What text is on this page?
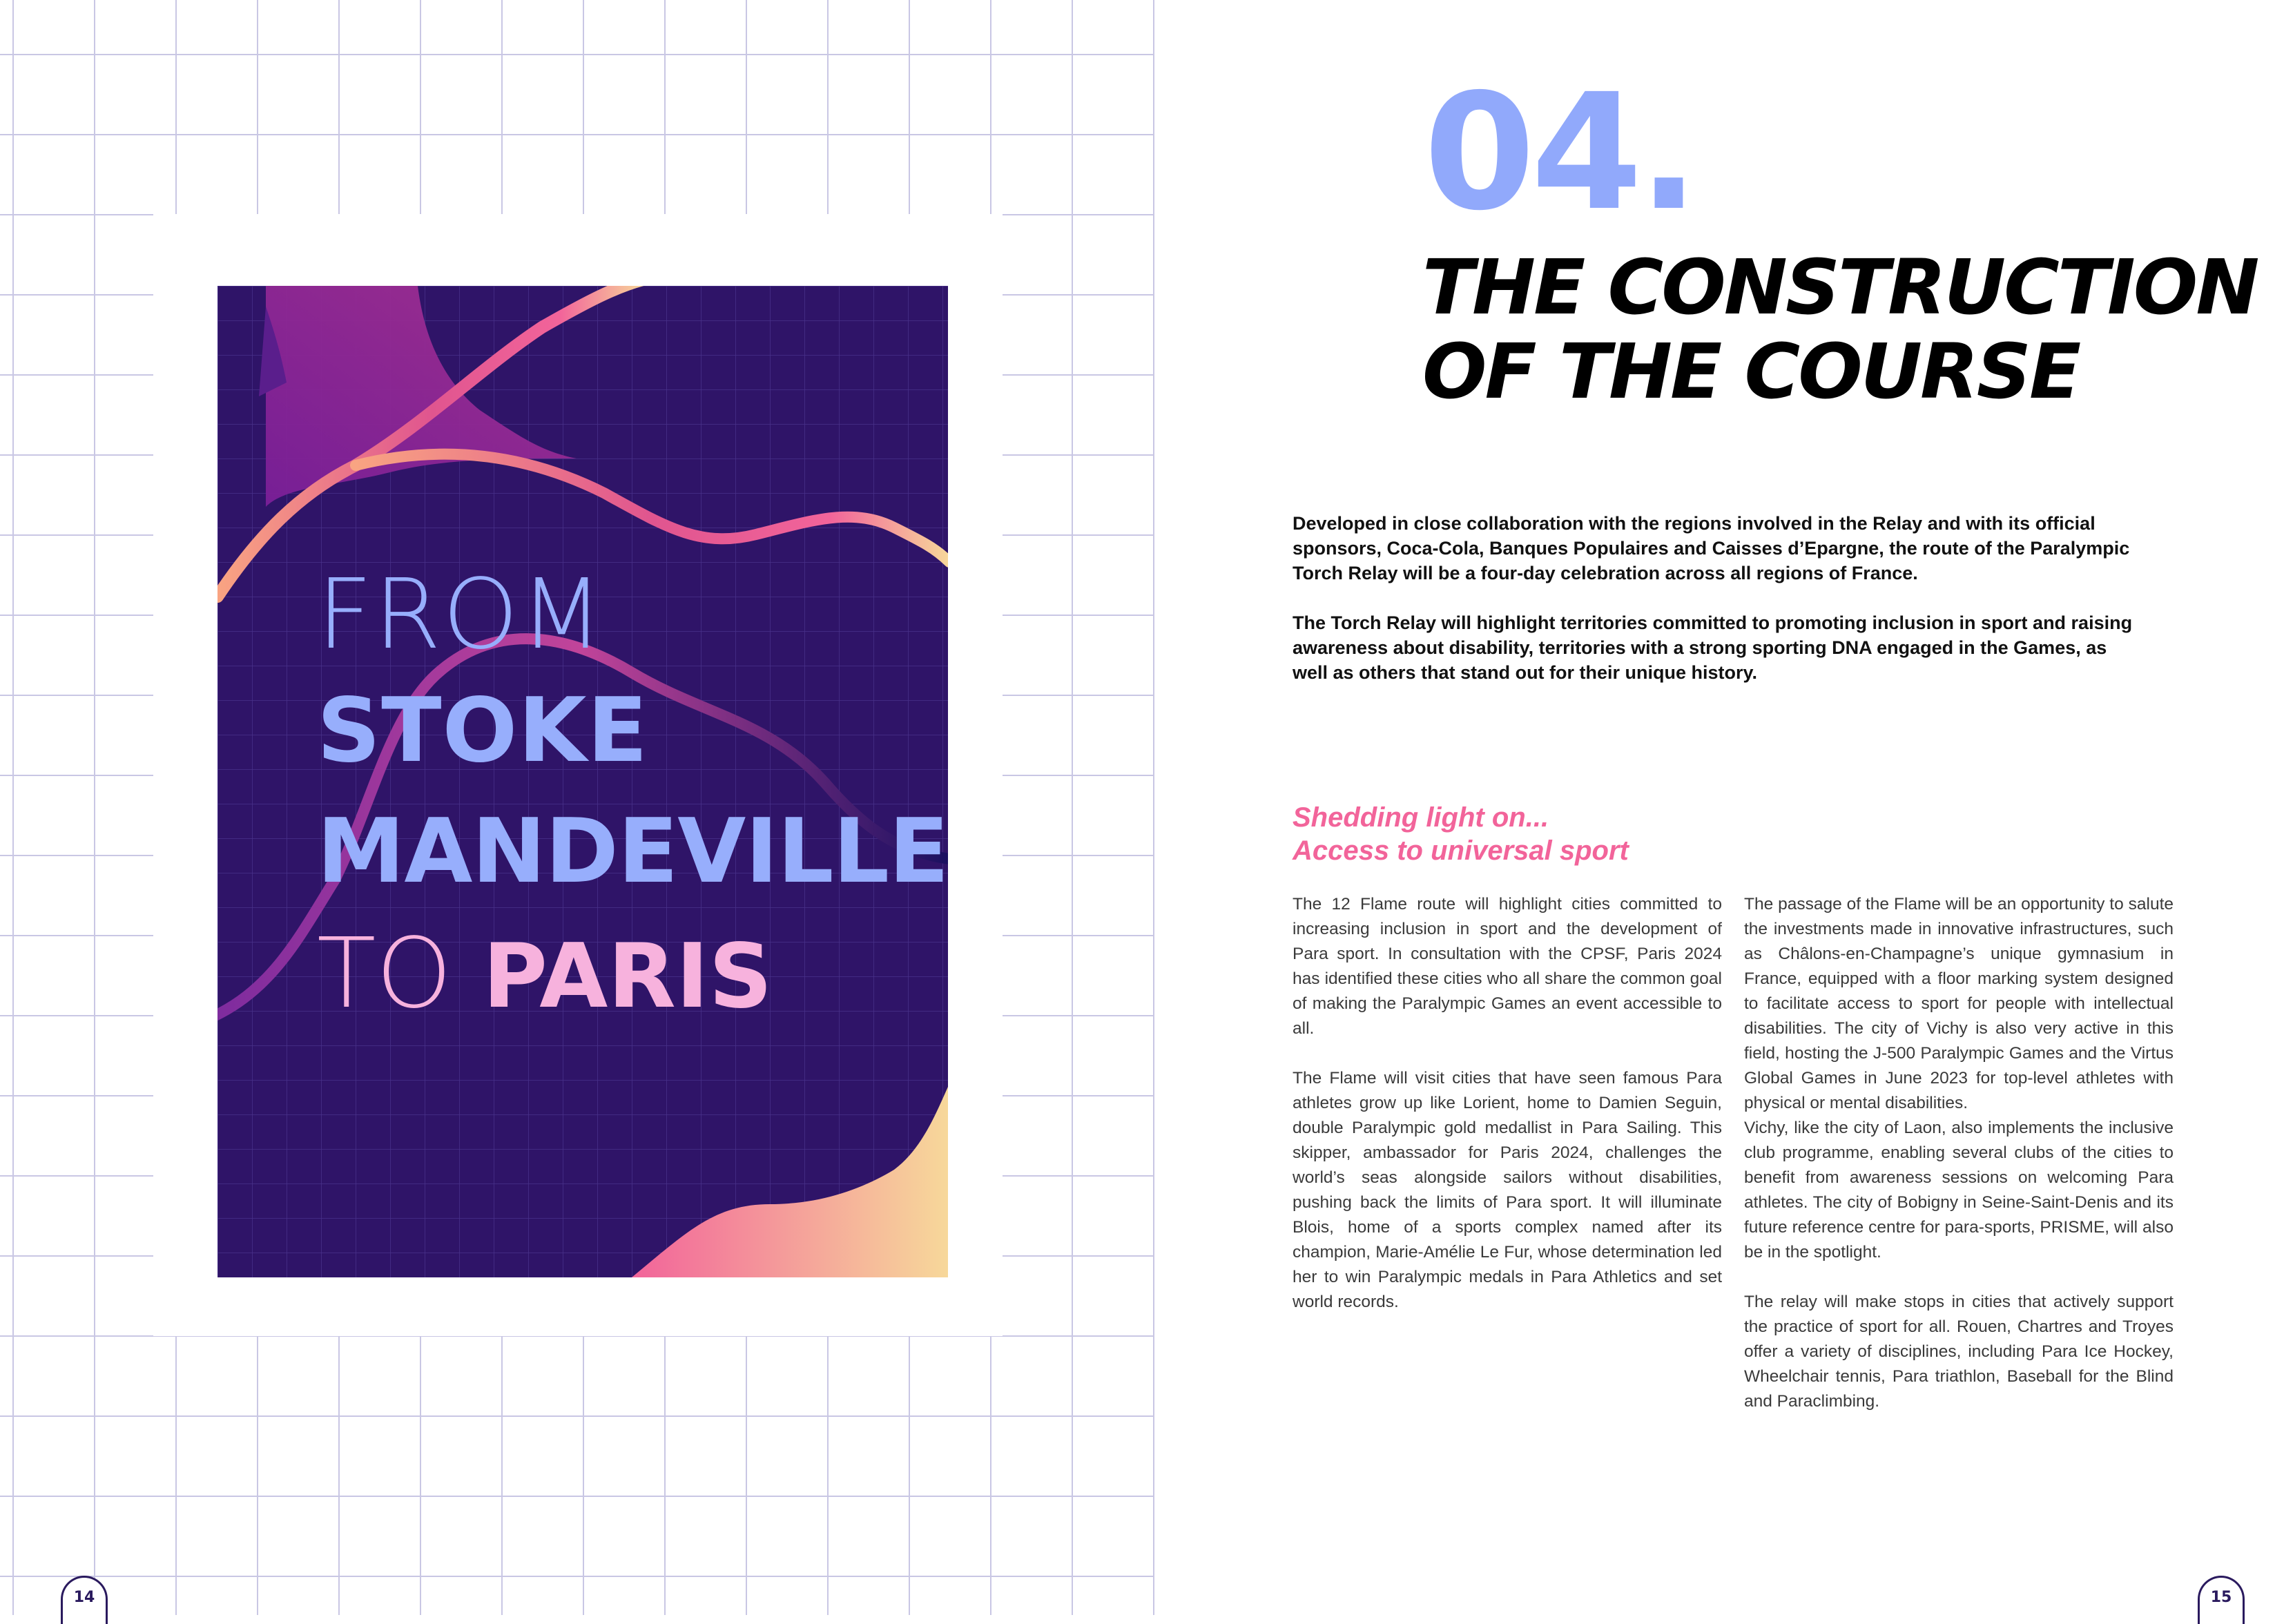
FROM

STOKE

MANDEVILLE

TO PARIS

14
04.
THE CONSTRUCTION
OF THE COURSE

Developed in close collaboration with the regions involved in the Relay and with its official sponsors, Coca-Cola, Banques Populaires and Caisses d’Epargne, the route of the Paralympic Torch Relay will be a four-day celebration across all regions of France.

The Torch Relay will highlight territories committed to promoting inclusion in sport and raising awareness about disability, territories with a strong sporting DNA engaged in the Games, as well as others that stand out for their unique history.

Shedding light on...
Access to universal sport

The 12 Flame route will highlight cities committed to increasing inclusion in sport and the development of Para sport. In consultation with the CPSF, Paris 2024 has identified these cities who all share the common goal of making the Paralympic Games an event accessible to all.

The Flame will visit cities that have seen famous Para athletes grow up like Lorient, home to Damien Seguin, double Paralympic gold medallist in Para Sailing. This skipper, ambassador for Paris 2024, challenges the world’s seas alongside sailors without disabilities, pushing back the limits of Para sport. It will illuminate Blois, home of a sports complex named after its champion, Marie-Amélie Le Fur, whose determination led her to win Paralympic medals in Para Athletics and set world records.

The passage of the Flame will be an opportunity to salute the investments made in innovative infrastructures, such as Châlons-en-Champagne’s unique gymnasium in France, equipped with a floor marking system designed to facilitate access to sport for people with intellectual disabilities. The city of Vichy is also very active in this field, hosting the J-500 Paralympic Games and the Virtus Global Games in June 2023 for top-level athletes with physical or mental disabilities.

Vichy, like the city of Laon, also implements the inclusive club programme, enabling several clubs of the cities to benefit from awareness sessions on welcoming Para athletes. The city of Bobigny in Seine-Saint-Denis and its future reference centre for para-sports, PRISME, will also be in the spotlight.

The relay will make stops in cities that actively support the practice of sport for all. Rouen, Chartres and Troyes offer a variety of disciplines, including Para Ice Hockey, Wheelchair tennis, Para triathlon, Baseball for the Blind and Paraclimbing.

15
